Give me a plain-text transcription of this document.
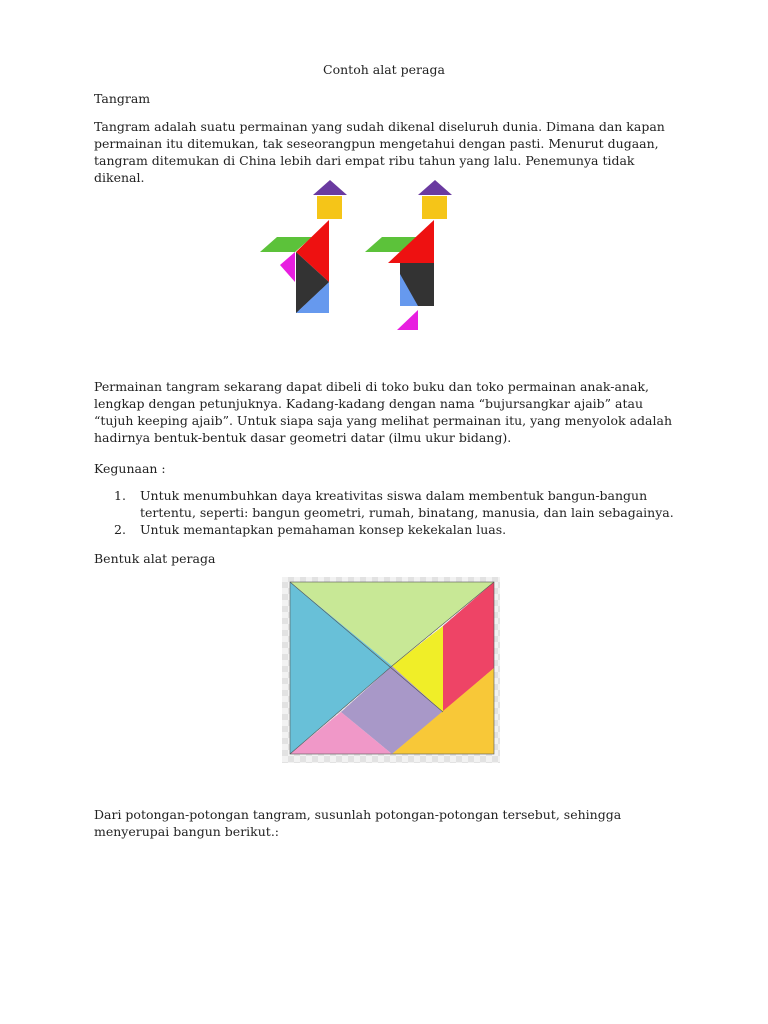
Contoh alat peraga

Tangram

Tangram adalah suatu permainan yang sudah dikenal diseluruh dunia. Dimana dan kapan permainan itu ditemukan, tak seseorangpun mengetahui dengan pasti. Menurut dugaan, tangram ditemukan di China lebih dari empat ribu tahun yang lalu. Penemunya tidak dikenal.

Permainan tangram sekarang dapat dibeli di toko buku dan toko permainan anak-anak, lengkap dengan petunjuknya. Kadang-kadang dengan nama “bujursangkar ajaib” atau “tujuh keeping ajaib”. Untuk siapa saja yang melihat permainan itu, yang menyolok adalah hadirnya bentuk-bentuk dasar geometri datar (ilmu ukur bidang).

Kegunaan :

1. Untuk menumbuhkan daya kreativitas siswa dalam membentuk bangun-bangun tertentu, seperti: bangun geometri, rumah, binatang, manusia, dan lain sebagainya.
2. Untuk memantapkan pemahaman konsep kekekalan luas.

Bentuk alat peraga

Dari potongan-potongan tangram, susunlah potongan-potongan tersebut, sehingga menyerupai bangun berikut.:
